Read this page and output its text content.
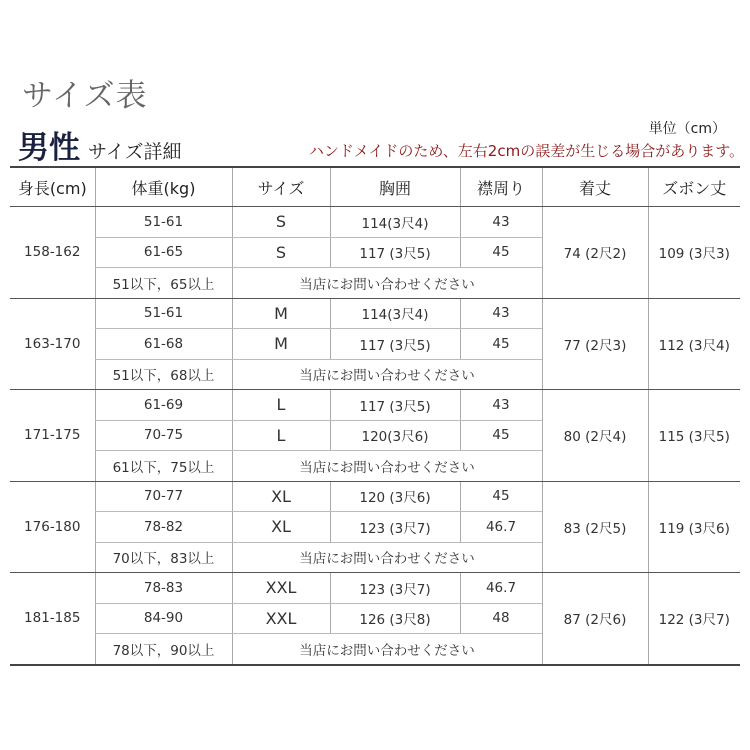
サイズ表
男性 サイズ詳細
単位（cm）
ハンドメイドのため、左右2cmの誤差が生じる場合があります。
身長(cm)	体重(kg)	サイズ	胸囲	襟周り	着丈	ズボン丈
158-162	51-61	S	114(3尺4)	43	74 (2尺2)	109 (3尺3)
	61-65	S	117 (3尺5)	45		
	51以下，65以上	当店にお問い合わせください				
163-170	51-61	M	114(3尺4)	43	77 (2尺3)	112 (3尺4)
	61-68	M	117 (3尺5)	45		
	51以下，68以上	当店にお問い合わせください				
171-175	61-69	L	117 (3尺5)	43	80 (2尺4)	115 (3尺5)
	70-75	L	120(3尺6)	45		
	61以下，75以上	当店にお問い合わせください				
176-180	70-77	XL	120 (3尺6)	45	83 (2尺5)	119 (3尺6)
	78-82	XL	123 (3尺7)	46.7		
	70以下，83以上	当店にお問い合わせください				
181-185	78-83	XXL	123 (3尺7)	46.7	87 (2尺6)	122 (3尺7)
	84-90	XXL	126 (3尺8)	48		
	78以下，90以上	当店にお問い合わせください				
